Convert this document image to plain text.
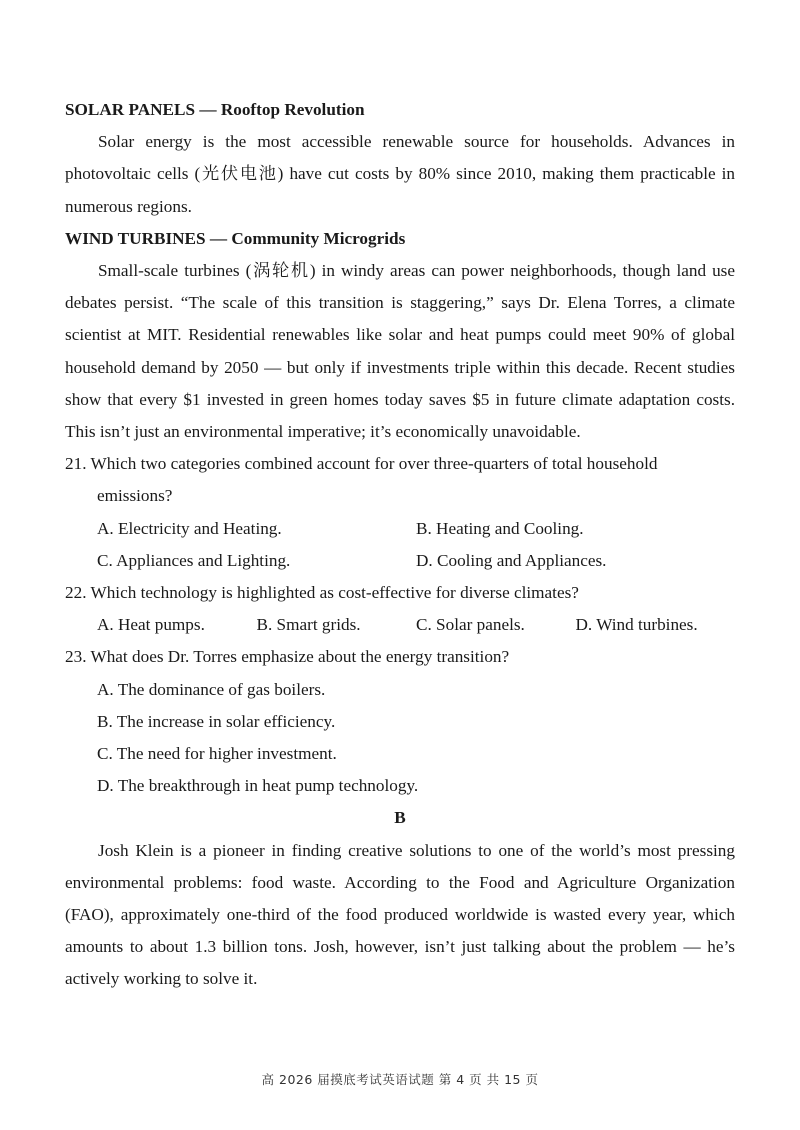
SOLAR PANELS — Rooftop Revolution

Solar energy is the most accessible renewable source for households. Advances in photovoltaic cells (光伏电池) have cut costs by 80% since 2010, making them practicable in numerous regions.

WIND TURBINES — Community Microgrids

Small-scale turbines (涡轮机) in windy areas can power neighborhoods, though land use debates persist. “The scale of this transition is staggering,” says Dr. Elena Torres, a climate scientist at MIT. Residential renewables like solar and heat pumps could meet 90% of global household demand by 2050 — but only if investments triple within this decade. Recent studies show that every $1 invested in green homes today saves $5 in future climate adaptation costs. This isn’t just an environmental imperative; it’s economically unavoidable.

21. Which two categories combined account for over three-quarters of total household emissions?

A. Electricity and Heating.	B. Heating and Cooling.
C. Appliances and Lighting.	D. Cooling and Appliances.

22. Which technology is highlighted as cost-effective for diverse climates?

A. Heat pumps.	B. Smart grids.	C. Solar panels.	D. Wind turbines.

23. What does Dr. Torres emphasize about the energy transition?

A. The dominance of gas boilers.

B. The increase in solar efficiency.

C. The need for higher investment.

D. The breakthrough in heat pump technology.

B

Josh Klein is a pioneer in finding creative solutions to one of the world’s most pressing environmental problems: food waste. According to the Food and Agriculture Organization (FAO), approximately one-third of the food produced worldwide is wasted every year, which amounts to about 1.3 billion tons. Josh, however, isn’t just talking about the problem — he’s actively working to solve it.

高 2026 届摸底考试英语试题 第 4 页 共 15 页
